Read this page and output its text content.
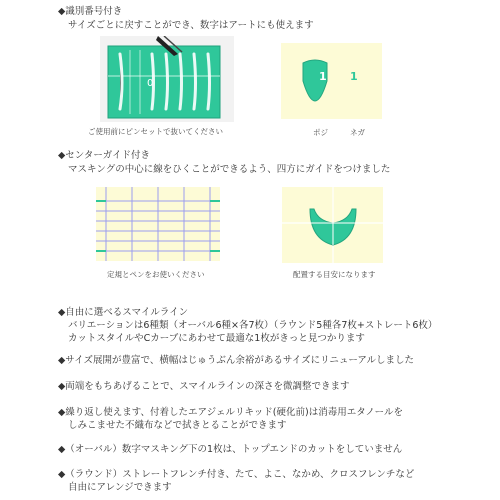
◆識別番号付き
サイズごとに戻すことができ、数字はアートにも使えます
0
ご使用前にピンセットで抜いてください
1 1
ポジ	ネガ
◆センターガイド付き
マスキングの中心に線をひくことができるよう、四方にガイドをつけました
定規とペンをお使いください	配置する目安になります
◆自由に選べるスマイルライン
バリエーションは6種類（オーバル6種×各7枚）（ラウンド5種各7枚+ストレート6枚）
カットスタイルやCカーブにあわせて最適な1枚がきっと見つかります
◆サイズ展開が豊富で、横幅はじゅうぶん余裕があるサイズにリニューアルしました
◆両端をもちあげることで、スマイルラインの深さを微調整できます
◆繰り返し使えます、付着したエアジェルリキッド(硬化前)は消毒用エタノールを
しみこませた不織布などで拭きとることができます
◆（オーバル）数字マスキング下の1枚は、トップエンドのカットをしていません
◆（ラウンド）ストレートフレンチ付き、たて、よこ、なかめ、クロスフレンチなど
自由にアレンジできます
